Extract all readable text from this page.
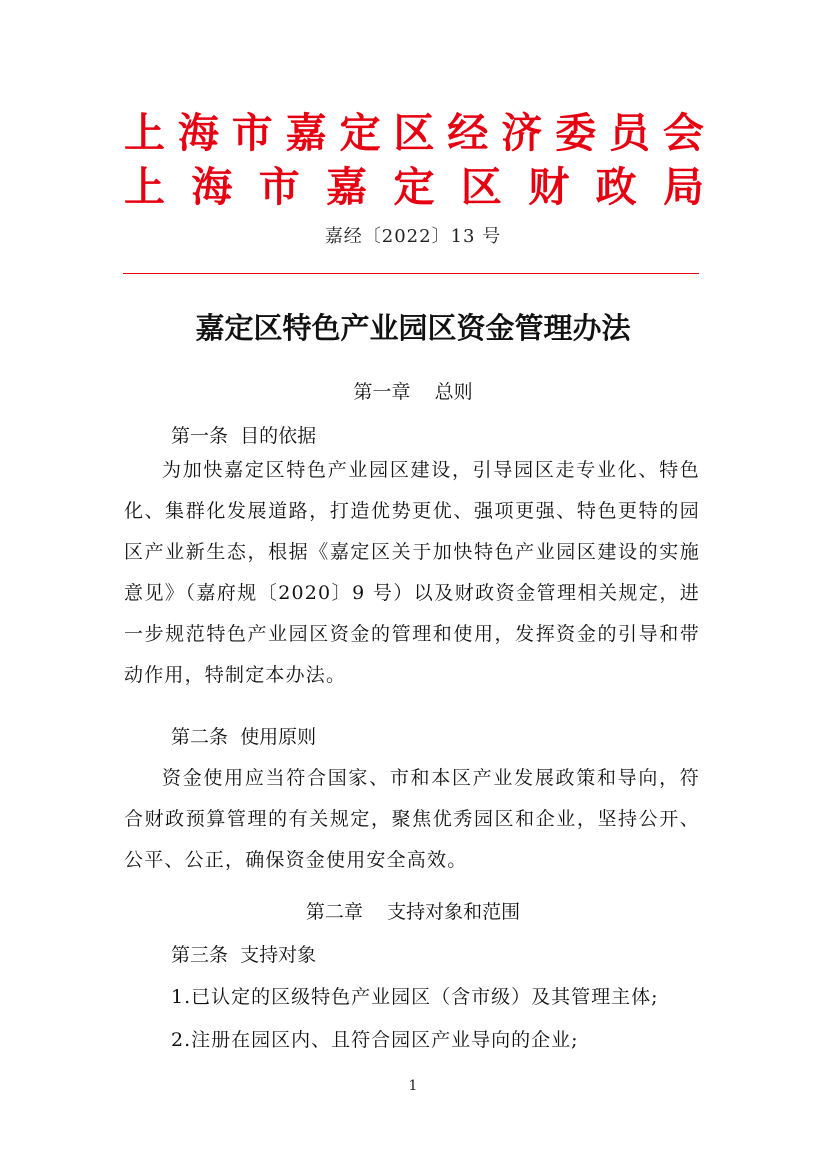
上 海 市 嘉 定 区 经 济 委 员 会
上 海 市 嘉 定 区 财 政 局
嘉经〔2022〕13 号
嘉定区特色产业园区资金管理办法
第一章    总则
第一条  目的依据

为加快嘉定区特色产业园区建设，引导园区走专业化、特色化、集群化发展道路，打造优势更优、强项更强、特色更特的园区产业新生态，根据《嘉定区关于加快特色产业园区建设的实施意见》（嘉府规〔2020〕9 号）以及财政资金管理相关规定，进一步规范特色产业园区资金的管理和使用，发挥资金的引导和带动作用，特制定本办法。

第二条  使用原则

资金使用应当符合国家、市和本区产业发展政策和导向，符合财政预算管理的有关规定，聚焦优秀园区和企业，坚持公开、公平、公正，确保资金使用安全高效。

第二章    支持对象和范围
第三条  支持对象
1.已认定的区级特色产业园区（含市级）及其管理主体;
2.注册在园区内、且符合园区产业导向的企业;
1
